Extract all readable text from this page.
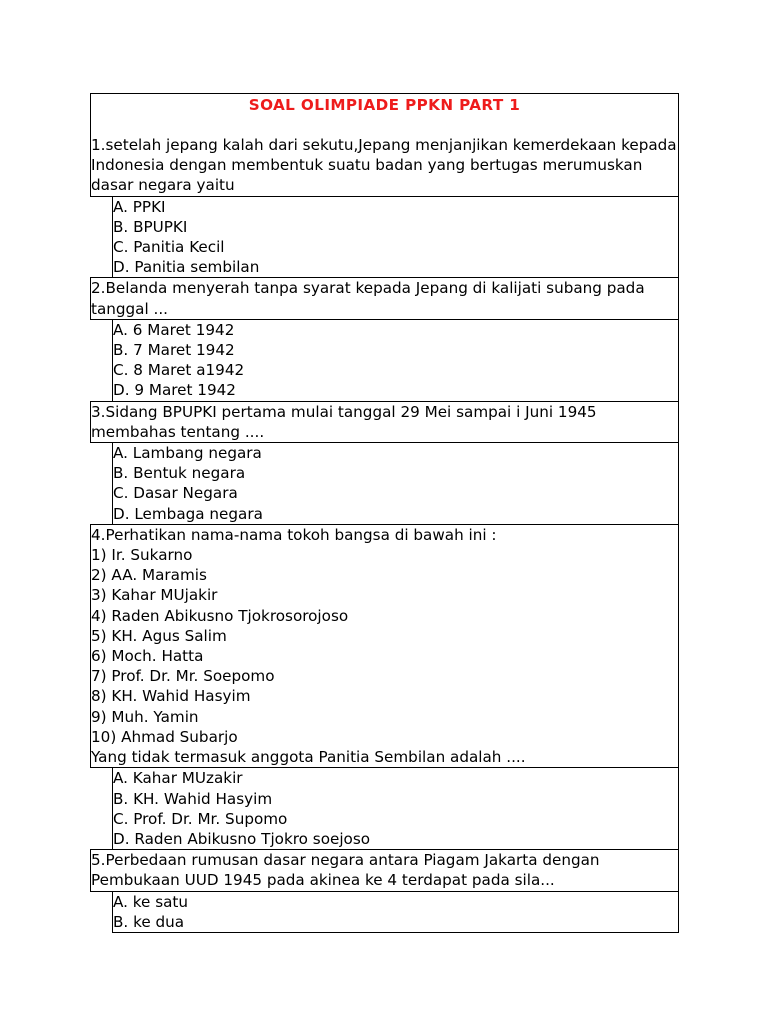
SOAL OLIMPIADE PPKN PART 1
1.setelah jepang kalah dari sekutu,Jepang menjanjikan kemerdekaan kepada
Indonesia dengan membentuk suatu badan yang bertugas merumuskan
dasar negara yaitu
A. PPKI
B. BPUPKI
C. Panitia Kecil
D. Panitia sembilan
2.Belanda menyerah tanpa syarat kepada Jepang di kalijati subang pada
tanggal ...
A. 6 Maret 1942
B. 7 Maret 1942
C. 8 Maret a1942
D. 9 Maret 1942
3.Sidang BPUPKI pertama mulai tanggal 29 Mei sampai i Juni 1945
membahas tentang ....
A. Lambang negara
B. Bentuk negara
C. Dasar Negara
D. Lembaga negara
4.Perhatikan nama-nama tokoh bangsa di bawah ini :
1) Ir. Sukarno
2) AA. Maramis
3) Kahar MUjakir
4) Raden Abikusno Tjokrosorojoso
5) KH. Agus Salim
6) Moch. Hatta
7) Prof. Dr. Mr. Soepomo
8) KH. Wahid Hasyim
9) Muh. Yamin
10) Ahmad Subarjo
Yang tidak termasuk anggota Panitia Sembilan adalah ....
A. Kahar MUzakir
B. KH. Wahid Hasyim
C. Prof. Dr. Mr. Supomo
D. Raden Abikusno Tjokro soejoso
5.Perbedaan rumusan dasar negara antara Piagam Jakarta dengan
Pembukaan UUD 1945 pada akinea ke 4 terdapat pada sila...
A. ke satu
B. ke dua
